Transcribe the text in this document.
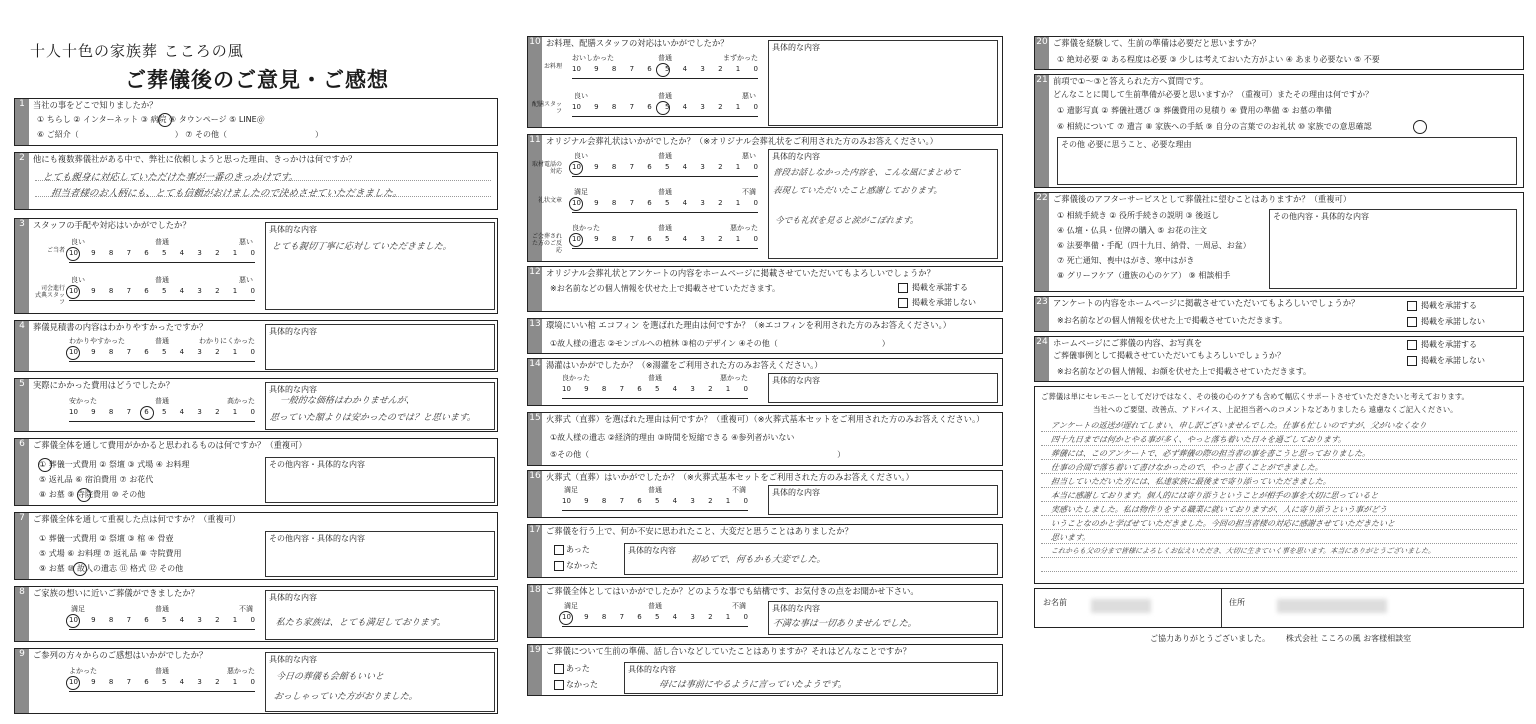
十人十色の家族葬 こころの風
ご葬儀後のご意見・ご感想
1 当社の事をどこで知りましたか？
① ちらし ② インターネット ③ 病院 ④ タウンページ ⑤ LINE＠
⑥ ご紹介（　　　　　　　　　　　　） ⑦ その他（　　　　　　　　　　　）
2 他にも複数葬儀社がある中で、弊社に依頼しようと思った理由、きっかけは何ですか？
とても親身に対応していただけた事が一番のきっかけです。
担当者様のお人柄にも、とても信頼がおけましたので決めさせていただきました。
3 スタッフの手配や対応はいかがでしたか？
良い	普通	悪い
ご当者 10 9 8 7 6 5 4 3 2 1 0
良い	普通	悪い
司会進行 式典スタッフ
10 9 8 7 6 5 4 3 2 1 0
具体的な内容
とても親切丁寧に応対していただきました。
4 葬儀見積書の内容はわかりやすかったですか？
わかりやすかった	普通	わかりにくかった
10 9 8 7 6 5 4 3 2 1 0
具体的な内容
5 実際にかかった費用はどうでしたか？
安かった	普通	高かった
10 9 8 7 6 5 4 3 2 1 0
具体的な内容
一般的な価格はわかりませんが、
思っていた額よりは安かったのでは？と思います。
6 ご葬儀全体を通して費用がかかると思われるものは何ですか？（重複可）
① 葬儀一式費用 ② 祭壇 ③ 式場 ④ お料理
⑤ 返礼品 ⑥ 宿泊費用 ⑦ お花代
⑧ お墓 ⑨ 寺院費用 ⑩ その他
その他内容・具体的な内容
7 ご葬儀全体を通して重視した点は何ですか？（重複可）
① 葬儀一式費用 ② 祭壇 ③ 棺 ④ 骨壺
⑤ 式場 ⑥ お料理 ⑦ 返礼品 ⑧ 寺院費用
⑨ お墓 ⑩ 故人の遺志 ⑪ 格式 ⑫ その他
その他内容・具体的な内容
8 ご家族の想いに近いご葬儀ができましたか？
満足	普通	不満
10 9 8 7 6 5 4 3 2 1 0
具体的な内容
私たち家族は、とても満足しております。
9 ご参列の方々からのご感想はいかがでしたか？
よかった	普通	悪かった
10 9 8 7 6 5 4 3 2 1 0
具体的な内容
今日の葬儀も会館もいいと
おっしゃっていた方がおりました。
10 お料理、配膳スタッフの対応はいかがでしたか？
おいしかった	普通	まずかった
お料理 10 9 8 7 6 5 4 3 2 1 0
良い	普通	悪い
配膳スタッフ
10 9 8 7 6 5 4 3 2 1 0
具体的な内容
11 オリジナル会葬礼状はいかがでしたか？（※オリジナル会葬礼状をご利用された方のみお答えください。）
良い	普通	悪い
取材電話の対応
10 9 8 7 6 5 4 3 2 1 0
満足	普通	不満
礼状文章 10 9 8 7 6 5 4 3 2 1 0
良かった	普通	悪かった
ご会葬された方のご反応
10 9 8 7 6 5 4 3 2 1 0
具体的な内容
普段お話しなかった内容を、こんな風にまとめて
表現していただいたこと感謝しております。
今でも礼状を見ると涙がこぼれます。
12 オリジナル会葬礼状とアンケートの内容をホームページに掲載させていただいてもよろしいでしょうか？
※お名前などの個人情報を伏せた上で掲載させていただきます。	掲載を承諾する
掲載を承諾しない
13 環境にいい棺 エコフィン を選ばれた理由は何ですか？（※エコフィンを利用された方のみお答えください。）
①故人様の遺志 ②モンゴルへの植林 ③棺のデザイン ④その他（　　　　　　　　　　　　　）
14 湯灌はいかがでしたか？（※湯灌をご利用された方のみお答えください。）
良かった	普通	悪かった
10 9 8 7 6 5 4 3 2 1 0
具体的な内容
15 火葬式（直葬）を選ばれた理由は何ですか？（重複可）（※火葬式基本セットをご利用された方のみお答えください。）
①故人様の遺志 ②経済的理由 ③時間を短縮できる ④参列者がいない
⑤その他（　　　　　　　　　　　　　　　　　　　　　　　　　　　　　　　）
16 火葬式（直葬）はいかがでしたか？（※火葬式基本セットをご利用された方のみお答えください。）
満足	普通	不満
10 9 8 7 6 5 4 3 2 1 0
具体的な内容
17 ご葬儀を行う上で、何か不安に思われたこと、大変だと思うことはありましたか？
あった
なかった
具体的な内容
初めてで、何もかも大変でした。
18 ご葬儀全体としてはいかがでしたか？どのような事でも結構です、お気付きの点をお聞かせ下さい。
満足	普通	不満
10 9 8 7 6 5 4 3 2 1 0
具体的な内容
不満な事は一切ありませんでした。
19 ご葬儀について生前の準備、話し合いなどしていたことはありますか？それはどんなことですか？
あった
なかった
具体的な内容
母には事前にやるように言っていたようです。
20 ご葬儀を経験して、生前の準備は必要だと思いますか？
① 絶対必要 ② ある程度は必要 ③ 少しは考えておいた方がよい ④ あまり必要ない ⑤ 不要
21 前項で①〜③と答えられた方へ質問です。
どんなことに関して生前準備が必要と思いますか？（重複可）またその理由は何ですか？
① 遺影写真 ② 葬儀社選び ③ 葬儀費用の見積り ④ 費用の準備 ⑤ お墓の準備
⑥ 相続について ⑦ 遺言 ⑧ 家族への手紙 ⑨ 自分の言葉でのお礼状 ⑩ 家族での意思確認
その他 必要に思うこと、必要な理由
22 ご葬儀後のアフターサービスとして葬儀社に望むことはありますか？（重複可）
① 相続手続き ② 役所手続きの説明 ③ 後返し
④ 仏壇・仏具・位牌の購入 ⑤ お花の注文
⑥ 法要準備・手配（四十九日、納骨、一周忌、お盆）
⑦ 死亡通知、喪中はがき、寒中はがき
⑧ グリーフケア（遺族の心のケア） ⑨ 相談相手
その他内容・具体的な内容
23 アンケートの内容をホームページに掲載させていただいてもよろしいでしょうか？
※お名前などの個人情報を伏せた上で掲載させていただきます。
掲載を承諾する
掲載を承諾しない
24 ホームページにご葬儀の内容、お写真を
ご葬儀事例として掲載させていただいてもよろしいでしょうか？
※お名前などの個人情報、お顔を伏せた上で掲載させていただきます。
掲載を承諾する
掲載を承諾しない
ご葬儀は単にセレモニーとしてだけではなく、その後の心のケアも含めて幅広くサポートさせていただきたいと考えております。
当社へのご要望、改善点、アドバイス、上記担当者へのコメントなどありましたら 遠慮なくご記入ください。
アンケートの返送が遅れてしまい、申し訳ございませんでした。仕事も忙しいのですが、父がいなくなり
四十九日までは何かとやる事が多く、やっと落ち着いた日々を過ごしております。
葬儀には、このアンケートで、必ず葬儀の際の担当者の事を書こうと思っておりました。
仕事の合間で落ち着いて書けなかったので、やっと書くことができました。
担当していただいた方には、私達家族に最後まで寄り添っていただきました。
本当に感謝しております。個人的には寄り添うということが相手の事を大切に思っていると
実感いたしました。私は物作りをする職業に就いておりますが、人に寄り添うという事がどう
いうことなのかと学ばせていただきました。今回の担当者様の対応に感謝させていただきたいと
思います。
これからも父の分まで皆様によろしくお伝えいただき、大切に生きていく事を思います。本当にありがとうございました。
お名前	住所
ご協力ありがとうございました。 株式会社 こころの風 お客様相談室
